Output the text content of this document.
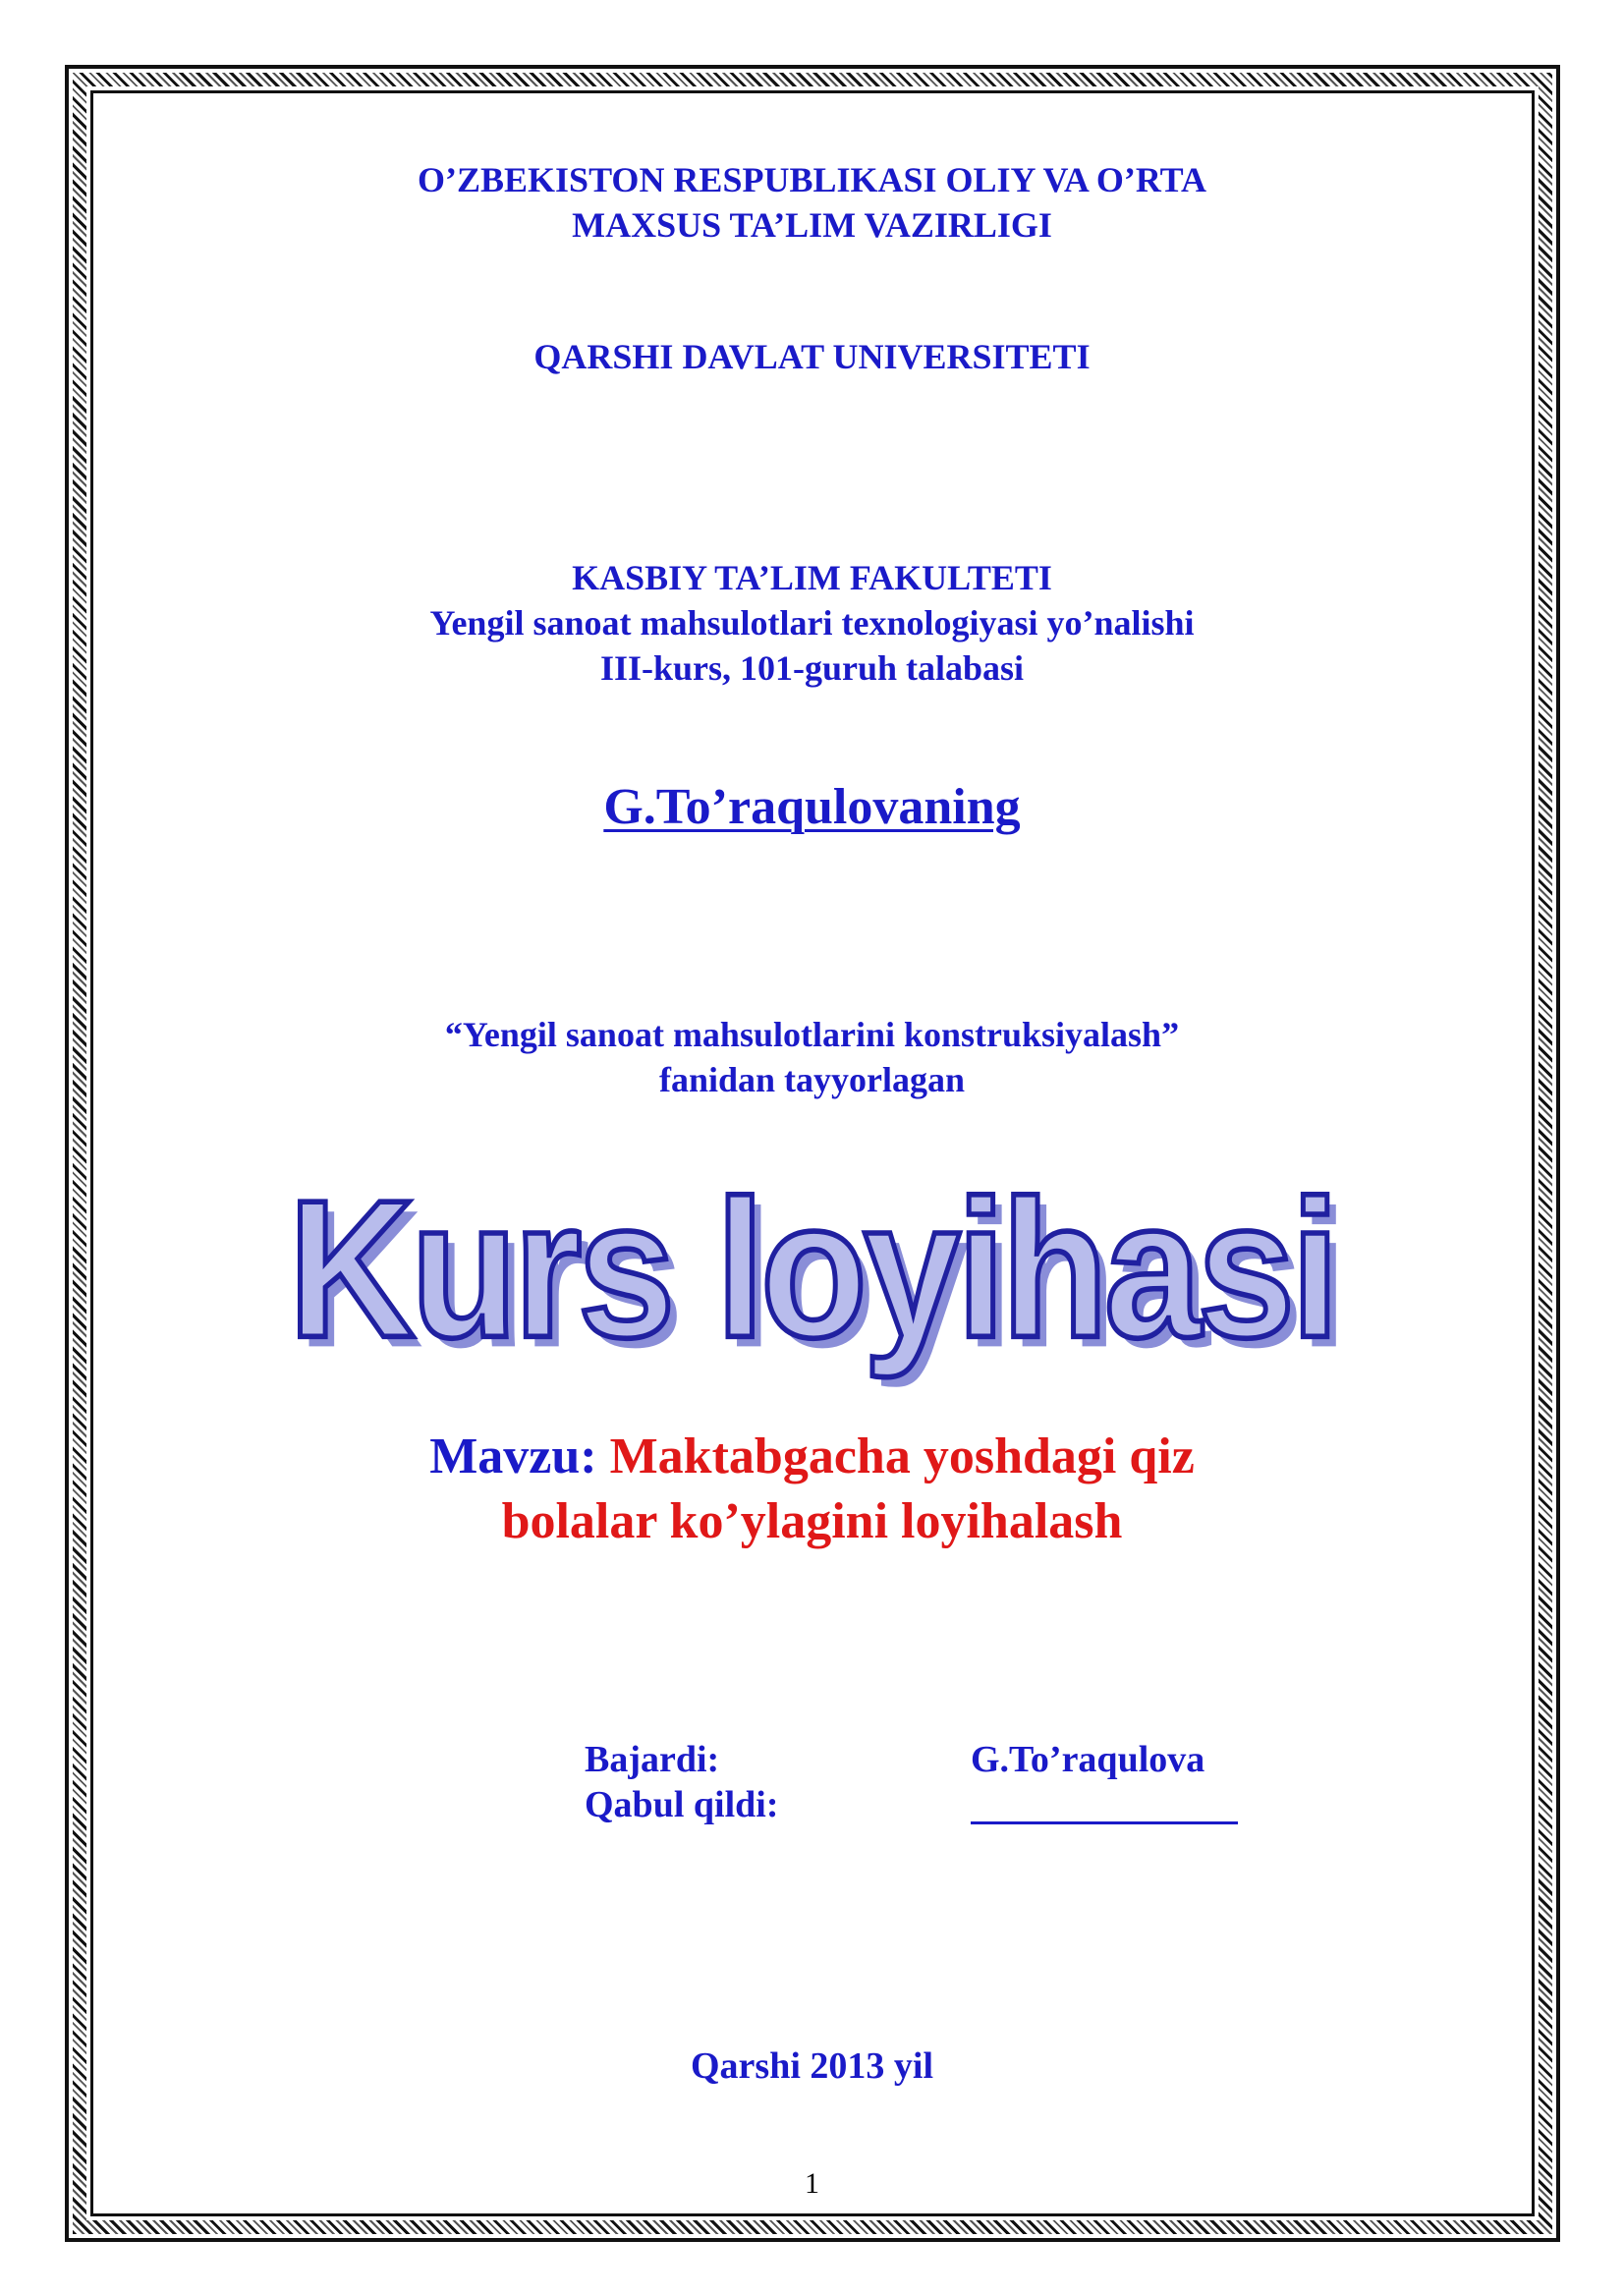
O’ZBEKISTON RESPUBLIKASI OLIY VA O’RTA
MAXSUS TA’LIM VAZIRLIGI
QARSHI DAVLAT UNIVERSITETI
KASBIY TA’LIM FAKULTETI
Yengil sanoat mahsulotlari texnologiyasi yo’nalishi
III-kurs, 101-guruh talabasi
G.To’raqulovaning
“Yengil sanoat mahsulotlarini konstruksiyalash”
fanidan tayyorlagan
Kurs loyihasi
Mavzu: Maktabgacha yoshdagi qiz
bolalar ko’ylagini loyihalash
Bajardi:	G.To’raqulova
Qabul qildi:
Qarshi 2013 yil
1
